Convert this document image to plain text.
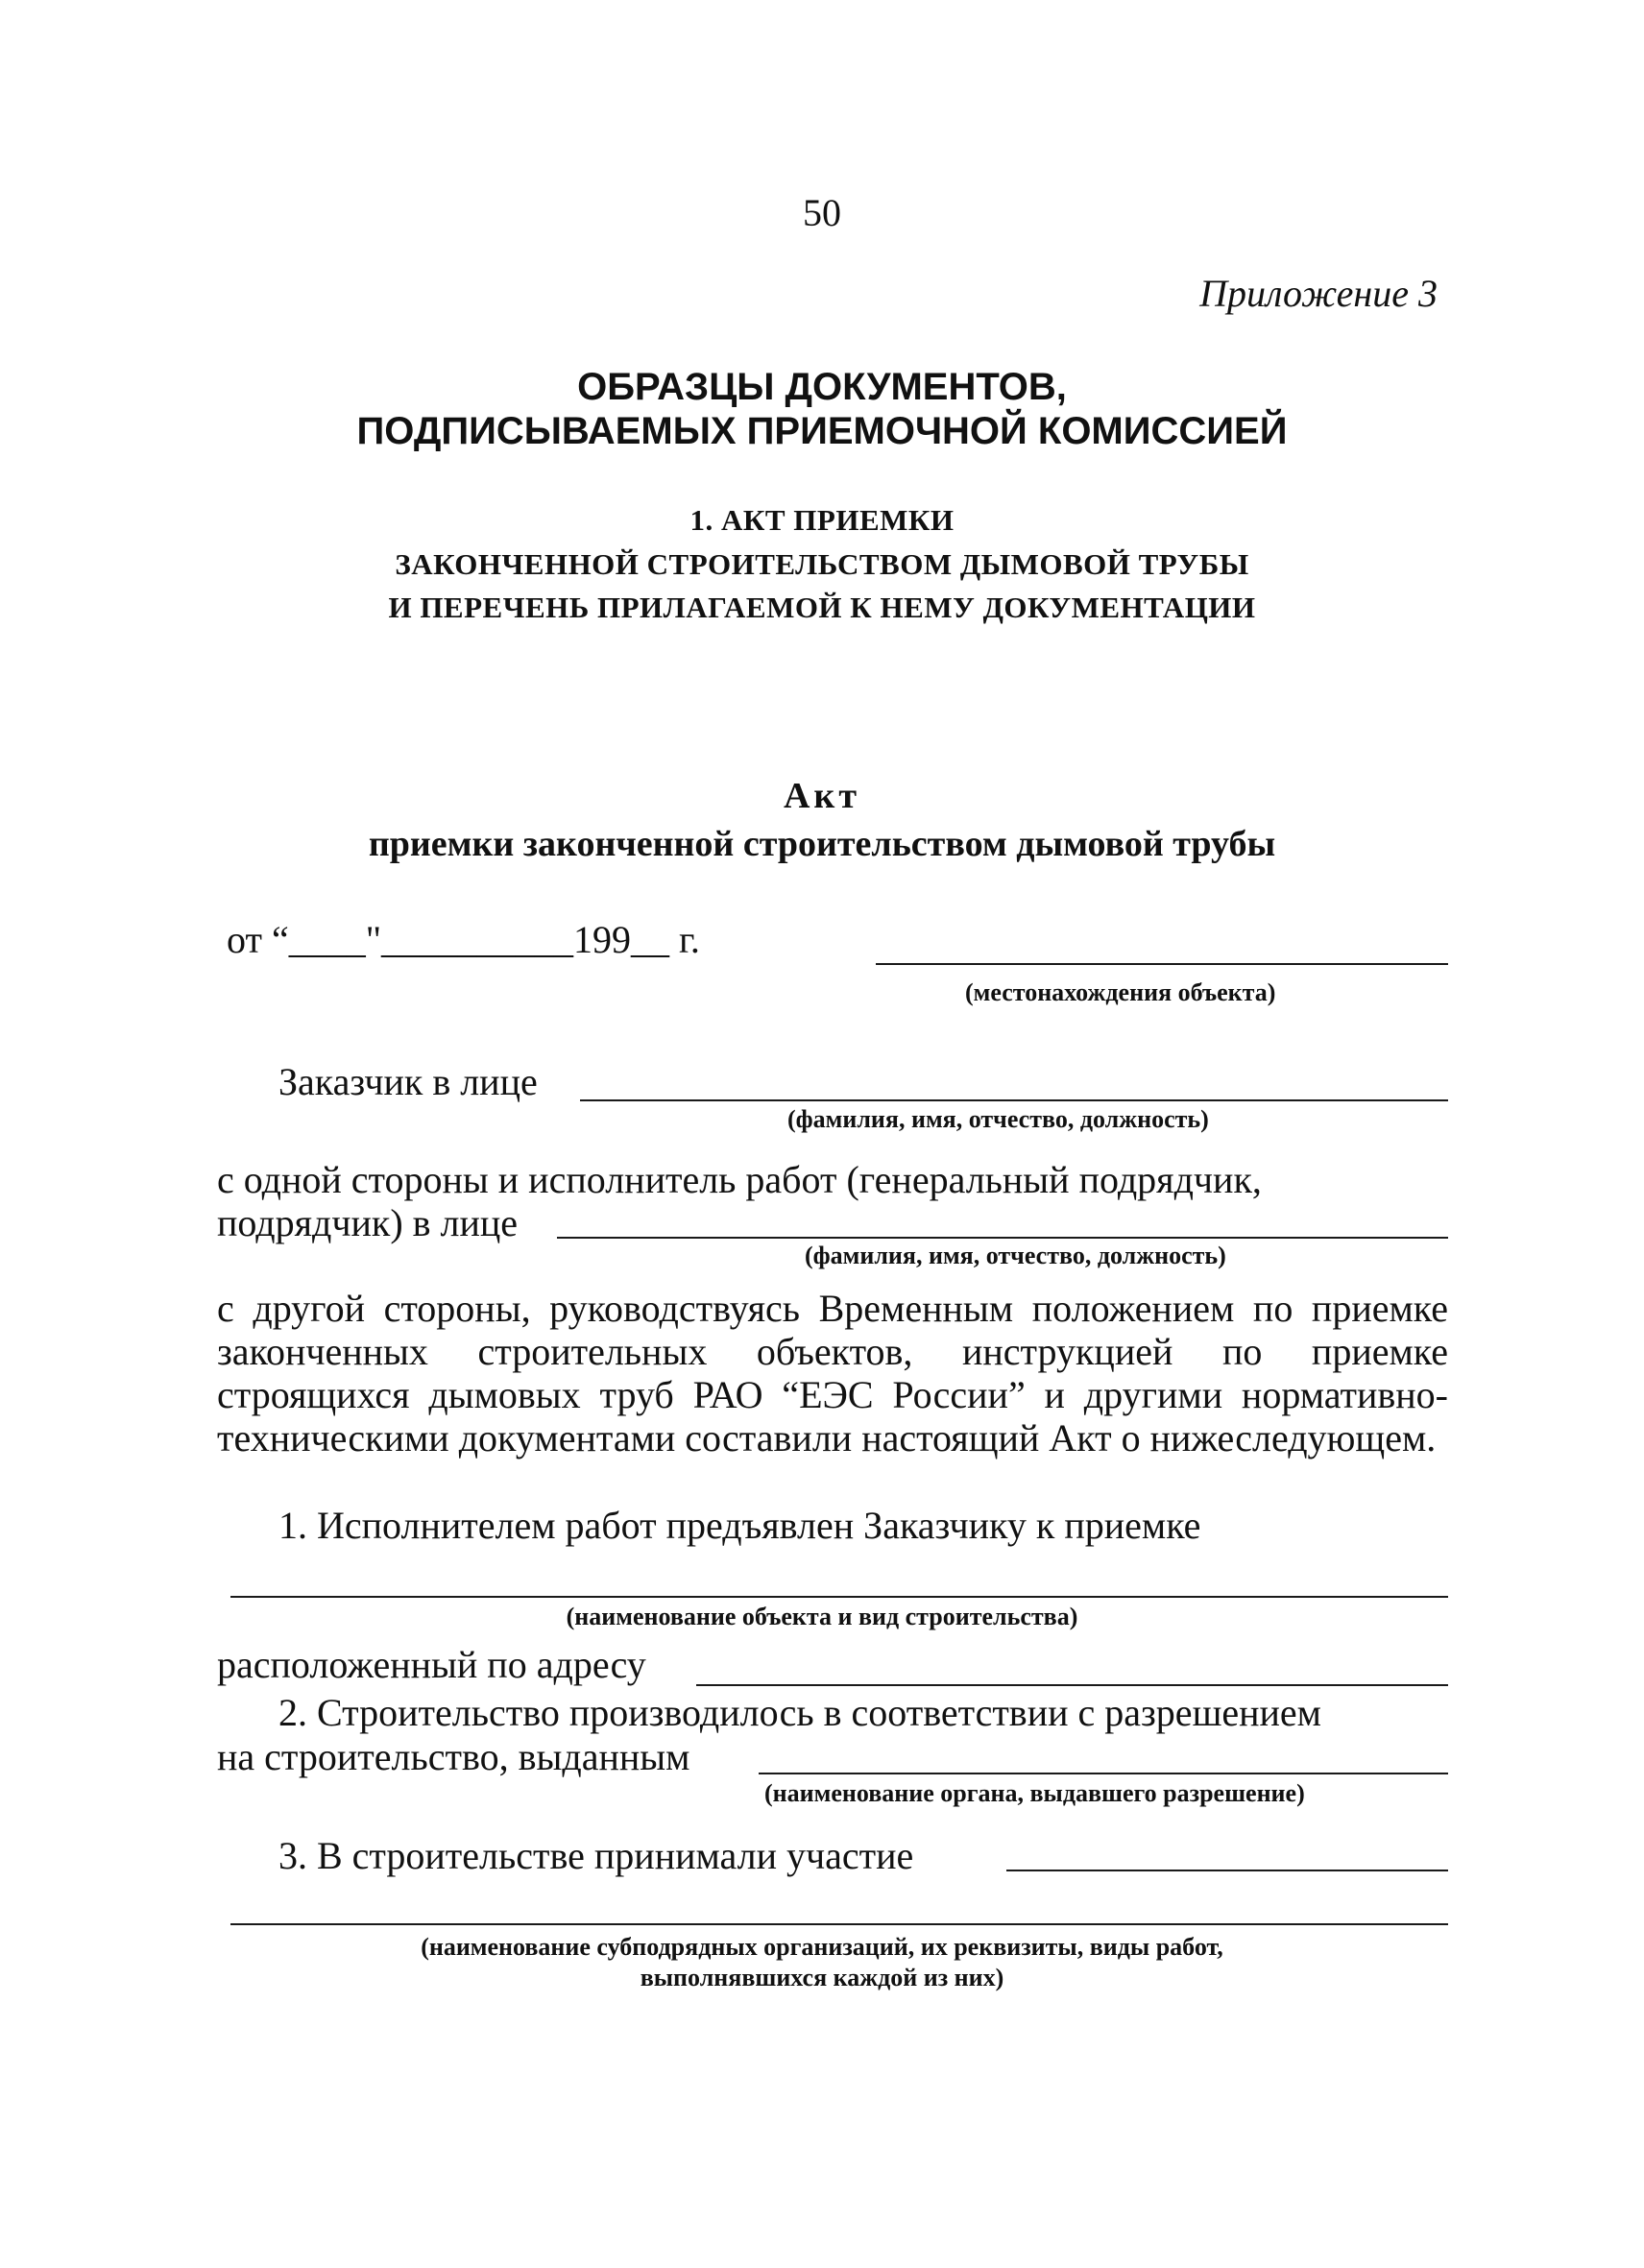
50
Приложение 3
ОБРАЗЦЫ ДОКУМЕНТОВ,
ПОДПИСЫВАЕМЫХ ПРИЕМОЧНОЙ КОМИССИЕЙ
1. АКТ ПРИЕМКИ
ЗАКОНЧЕННОЙ СТРОИТЕЛЬСТВОМ ДЫМОВОЙ ТРУБЫ
И ПЕРЕЧЕНЬ ПРИЛАГАЕМОЙ К НЕМУ ДОКУМЕНТАЦИИ
Акт
приемки законченной строительством дымовой трубы
от “____"__________199__ г.
(местонахождения объекта)
Заказчик в лице
(фамилия, имя, отчество, должность)
с одной стороны и исполнитель работ (генеральный подрядчик,
подрядчик) в лице
(фамилия, имя, отчество, должность)
с другой стороны, руководствуясь Временным положением по приемке законченных строительных объектов, инструкцией по приемке строящихся дымовых труб РАО “ЕЭС России” и другими нормативно-техническими документами составили настоящий Акт о нижеследующем.
1. Исполнителем работ предъявлен Заказчику к приемке
(наименование объекта и вид строительства)
расположенный по адресу
2. Строительство производилось в соответствии с разрешением
на строительство, выданным
(наименование органа, выдавшего разрешение)
3. В строительстве принимали участие
(наименование субподрядных организаций, их реквизиты, виды работ,
выполнявшихся каждой из них)
